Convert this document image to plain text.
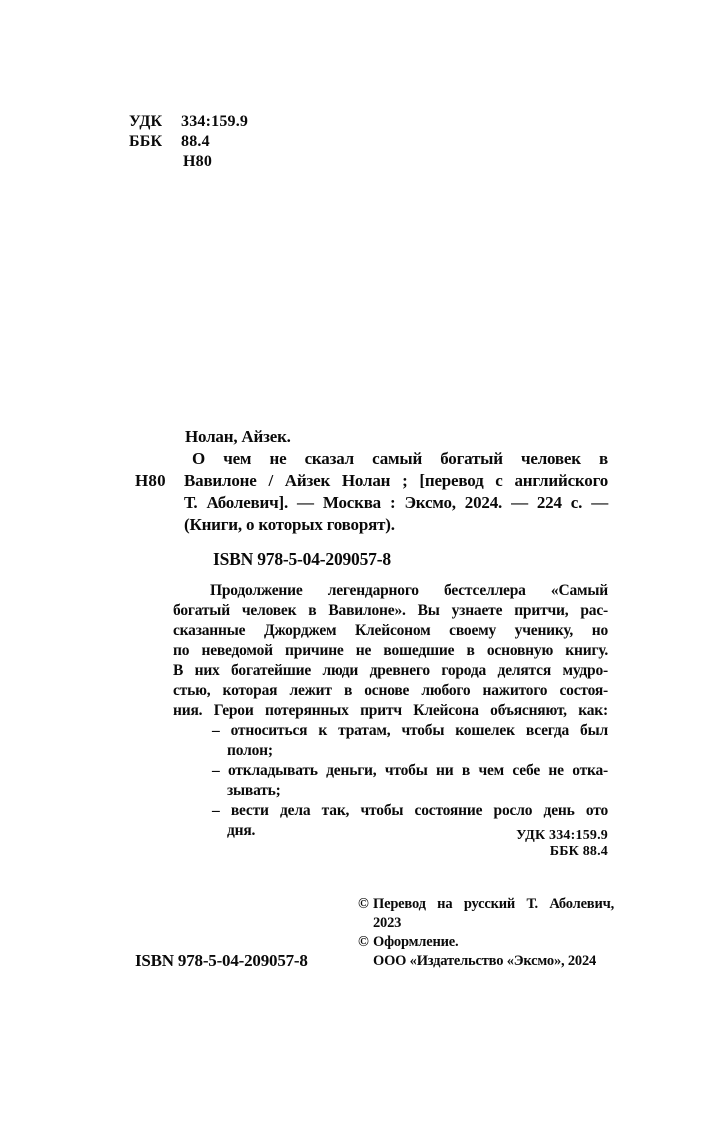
УДК 334:159.9
ББК 88.4
Н80
Нолан, Айзек.
Н80
О чем не сказал самый богатый человек в
Вавилоне / Айзек Нолан ; [перевод с английского
Т. Аболевич]. — Москва : Эксмо, 2024. — 224 с. —
(Книги, о которых говорят).
ISBN 978-5-04-209057-8
Продолжение легендарного бестселлера «Самый
богатый человек в Вавилоне». Вы узнаете притчи, рас-
сказанные Джорджем Клейсоном своему ученику, но
по неведомой причине не вошедшие в основную книгу.
В них богатейшие люди древнего города делятся мудро-
стью, которая лежит в основе любого нажитого состоя-
ния. Герои потерянных притч Клейсона объясняют, как:
– относиться к тратам, чтобы кошелек всегда был
полон;
– откладывать деньги, чтобы ни в чем себе не отка-
зывать;
– вести дела так, чтобы состояние росло день ото
дня.	УДК 334:159.9
ББК 88.4
© Перевод на русский Т. Аболевич,
2023
© Оформление.
ООО «Издательство «Эксмо», 2024
ISBN 978-5-04-209057-8
